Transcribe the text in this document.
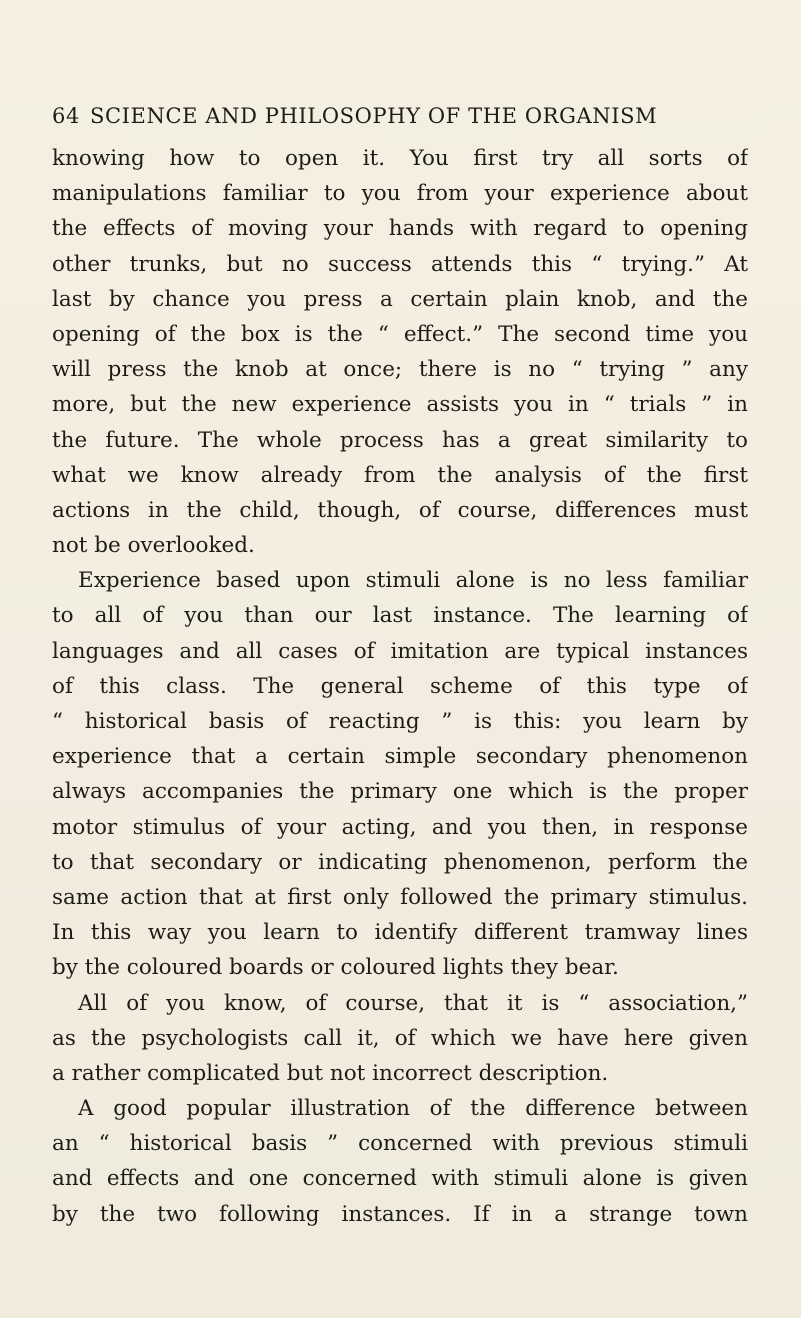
64 SCIENCE AND PHILOSOPHY OF THE ORGANISM
knowing how to open it. You first try all sorts of
manipulations familiar to you from your experience about
the effects of moving your hands with regard to opening
other trunks, but no success attends this “ trying.” At
last by chance you press a certain plain knob, and the
opening of the box is the “ effect.” The second time you
will press the knob at once; there is no “ trying ” any
more, but the new experience assists you in “ trials ” in
the future. The whole process has a great similarity to
what we know already from the analysis of the first
actions in the child, though, of course, differences must
not be overlooked.
Experience based upon stimuli alone is no less familiar
to all of you than our last instance. The learning of
languages and all cases of imitation are typical instances
of this class. The general scheme of this type of
“ historical basis of reacting ” is this: you learn by
experience that a certain simple secondary phenomenon
always accompanies the primary one which is the proper
motor stimulus of your acting, and you then, in response
to that secondary or indicating phenomenon, perform the
same action that at first only followed the primary stimulus.
In this way you learn to identify different tramway lines
by the coloured boards or coloured lights they bear.
All of you know, of course, that it is “ association,”
as the psychologists call it, of which we have here given
a rather complicated but not incorrect description.
A good popular illustration of the difference between
an “ historical basis ” concerned with previous stimuli
and effects and one concerned with stimuli alone is given
by the two following instances. If in a strange town
